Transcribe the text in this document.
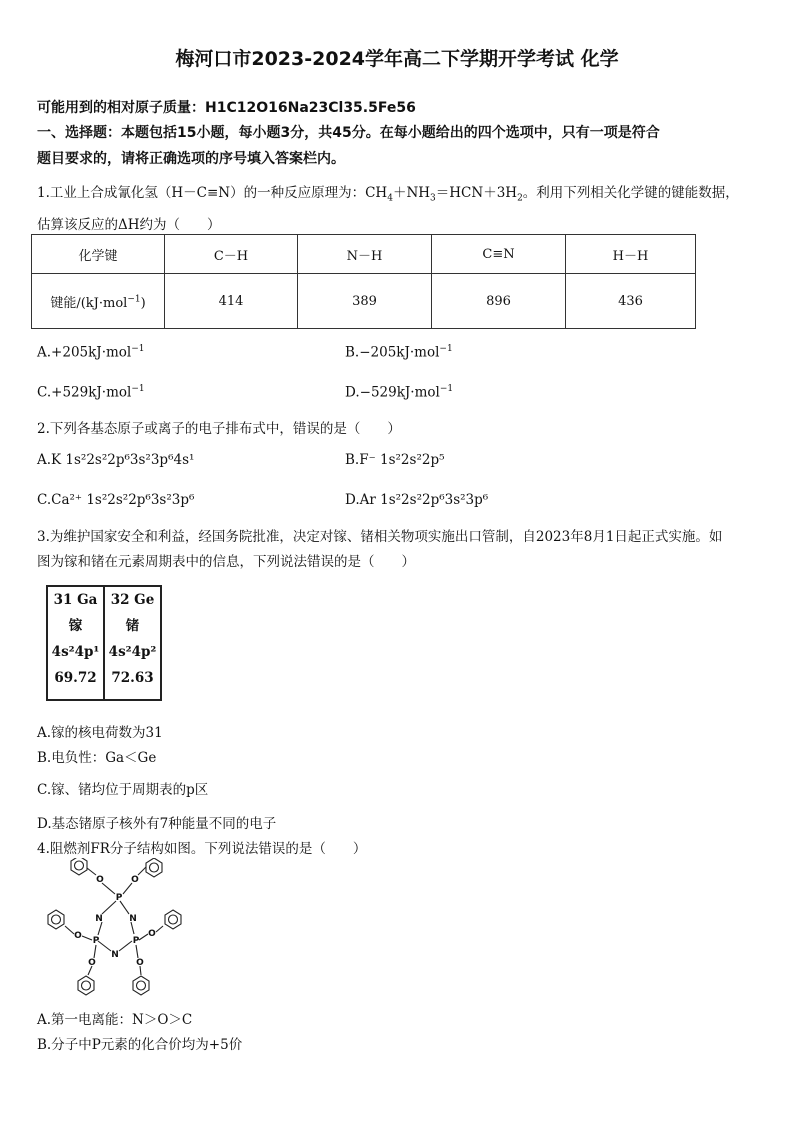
梅河口市2023-2024学年高二下学期开学考试 化学
可能用到的相对原子质量：H1C12O16Na23Cl35.5Fe56
一、选择题：本题包括15小题，每小题3分，共45分。在每小题给出的四个选项中，只有一项是符合
题目要求的，请将正确选项的序号填入答案栏内。
1.工业上合成氰化氢（H－C≡N）的一种反应原理为：$CH_4+NH_3=HCN+3H_2$。利用下列相关化学键的键能数据，
估算该反应的ΔH约为（　　）
化学键	C－H	N－H	C≡N	H－H
键能/(kJ·mol$^{-1}$)	414	389	896	436
A.+205kJ·mol$^{-1}$	B.−205kJ·mol$^{-1}$
C.+529kJ·mol$^{-1}$	D.−529kJ·mol$^{-1}$
2.下列各基态原子或离子的电子排布式中，错误的是（　　）
A.K 1s²2s²2p⁶3s²3p⁶4s¹	B.F⁻ 1s²2s²2p⁵
C.Ca²⁺ 1s²2s²2p⁶3s²3p⁶	D.Ar 1s²2s²2p⁶3s²3p⁶
3.为维护国家安全和利益，经国务院批准，决定对镓、锗相关物项实施出口管制，自2023年8月1日起正式实施。如
图为镓和锗在元素周期表中的信息，下列说法错误的是（　　）
31 Ga
镓
4s²4p¹
69.72
32 Ge
锗
4s²4p²
72.63
A.镓的核电荷数为31
B.电负性：Ga＜Ge
C.镓、锗均位于周期表的p区
D.基态锗原子核外有7种能量不同的电子
4.阻燃剂FR分子结构如图。下列说法错误的是（　　）
P
N	N
P	P
N
O	O
O	O
O	O
A.第一电离能：N＞O＞C
B.分子中P元素的化合价均为+5价
